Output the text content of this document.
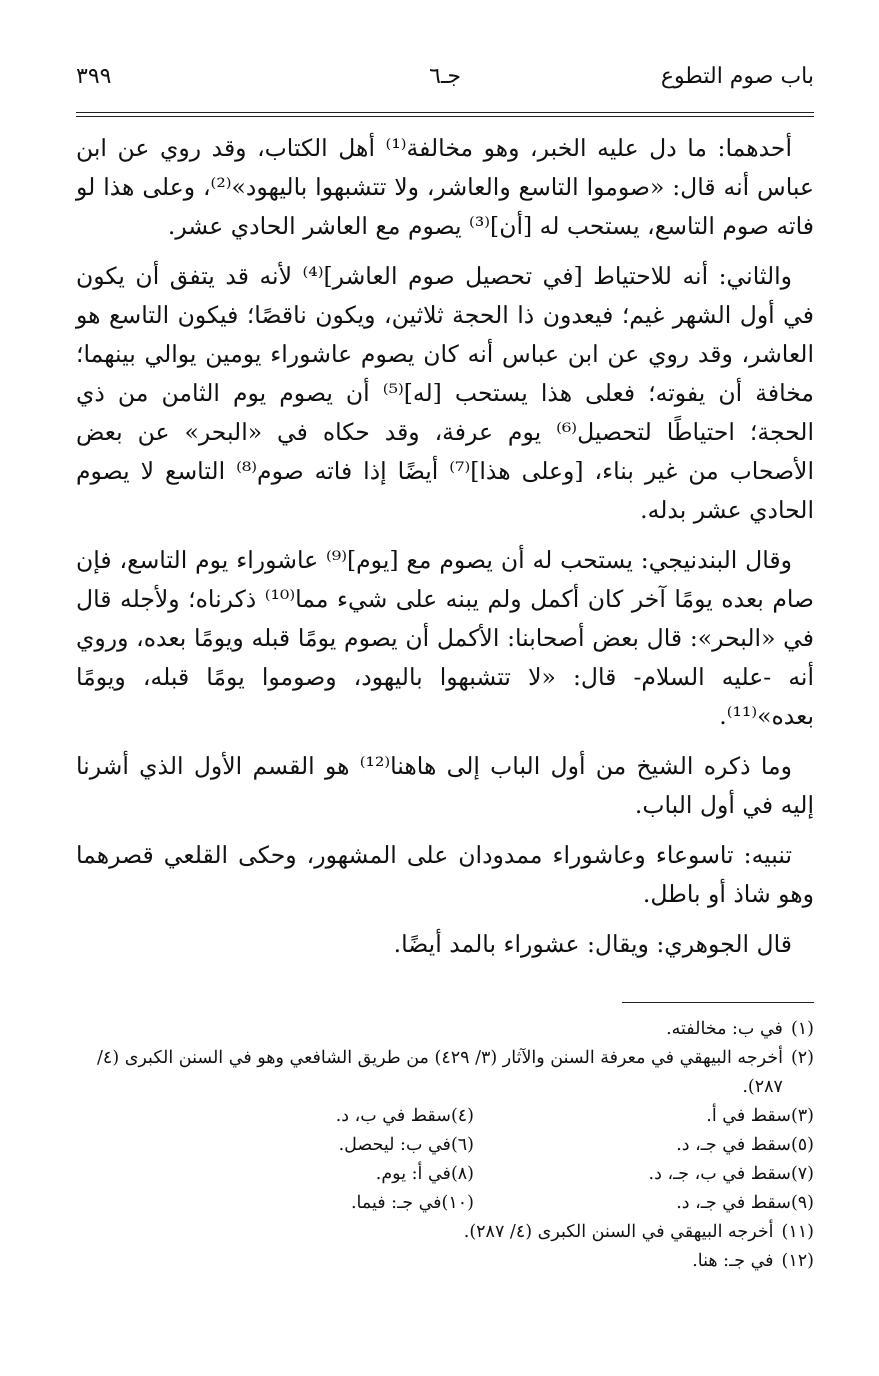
باب صوم التطوع
جـ٦
٣٩٩

أحدهما: ما دل عليه الخبر، وهو مخالفة⁽¹⁾ أهل الكتاب، وقد روي عن ابن عباس أنه قال: «صوموا التاسع والعاشر، ولا تتشبهوا باليهود»⁽²⁾، وعلى هذا لو فاته صوم التاسع، يستحب له [أن]⁽³⁾ يصوم مع العاشر الحادي عشر.

والثاني: أنه للاحتياط [في تحصيل صوم العاشر]⁽⁴⁾ لأنه قد يتفق أن يكون في أول الشهر غيم؛ فيعدون ذا الحجة ثلاثين، ويكون ناقصًا؛ فيكون التاسع هو العاشر، وقد روي عن ابن عباس أنه كان يصوم عاشوراء يومين يوالي بينهما؛ مخافة أن يفوته؛ فعلى هذا يستحب [له]⁽⁵⁾ أن يصوم يوم الثامن من ذي الحجة؛ احتياطًا لتحصيل⁽⁶⁾ يوم عرفة، وقد حكاه في «البحر» عن بعض الأصحاب من غير بناء، [وعلى هذا]⁽⁷⁾ أيضًا إذا فاته صوم⁽⁸⁾ التاسع لا يصوم الحادي عشر بدله.

وقال البندنيجي: يستحب له أن يصوم مع [يوم]⁽⁹⁾ عاشوراء يوم التاسع، فإن صام بعده يومًا آخر كان أكمل ولم يبنه على شيء مما⁽¹⁰⁾ ذكرناه؛ ولأجله قال في «البحر»: قال بعض أصحابنا: الأكمل أن يصوم يومًا قبله ويومًا بعده، وروي أنه -عليه السلام- قال: «لا تتشبهوا باليهود، وصوموا يومًا قبله، ويومًا بعده»⁽¹¹⁾.

وما ذكره الشيخ من أول الباب إلى هاهنا⁽¹²⁾ هو القسم الأول الذي أشرنا إليه في أول الباب.

تنبيه: تاسوعاء وعاشوراء ممدودان على المشهور، وحكى القلعي قصرهما وهو شاذ أو باطل.

قال الجوهري: ويقال: عشوراء بالمد أيضًا.

(١)
في ب: مخالفته.
(٢)
أخرجه البيهقي في معرفة السنن والآثار (٣/ ٤٢٩) من طريق الشافعي وهو في السنن الكبرى (٤/ ٢٨٧).
(٣)
سقط في أ.
(٤)
سقط في ب، د.
(٥)
سقط في جـ، د.
(٦)
في ب: ليحصل.
(٧)
سقط في ب، جـ، د.
(٨)
في أ: يوم.
(٩)
سقط في جـ، د.
(١٠)
في جـ: فيما.
(١١)
أخرجه البيهقي في السنن الكبرى (٤/ ٢٨٧).
(١٢)
في جـ: هنا.
